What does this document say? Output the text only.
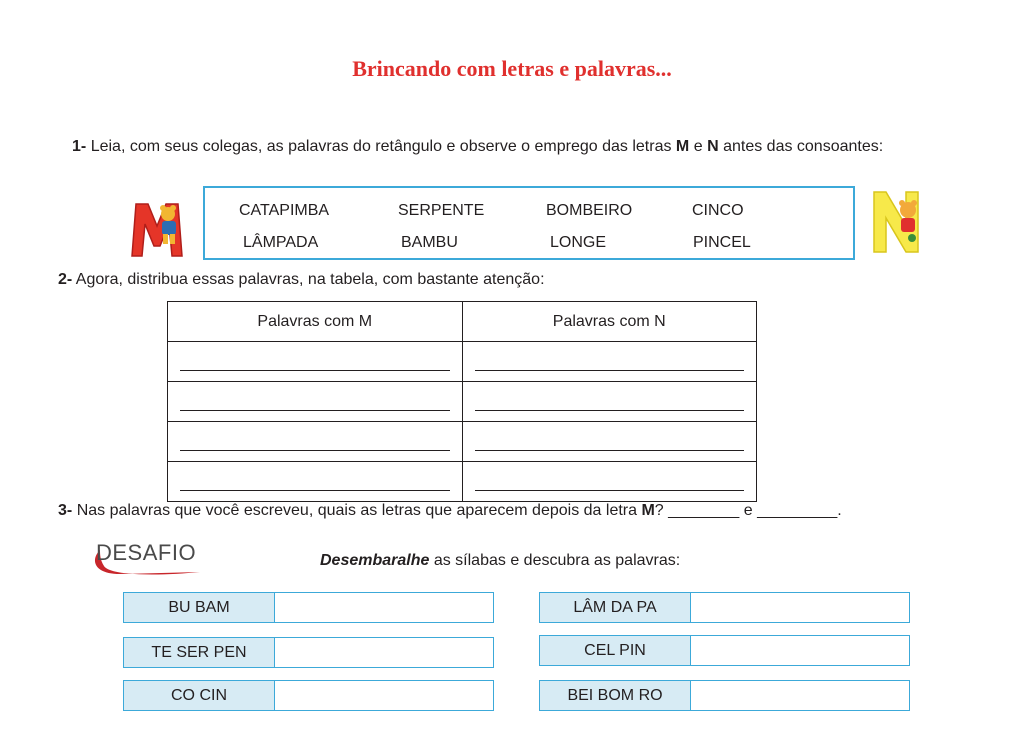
Brincando com letras e palavras...
1- Leia, com seus colegas, as palavras do retângulo e observe o emprego das letras M e N antes das consoantes:
CATAPIMBA	SERPENTE	BOMBEIRO	CINCO
LÂMPADA	BAMBU	LONGE	PINCEL
2- Agora, distribua essas palavras, na tabela, com bastante atenção:
Palavras com M	Palavras com N

3- Nas palavras que você escreveu, quais as letras que aparecem depois da letra M? ________ e _________.
DESAFIO	Desembaralhe as sílabas e descubra as palavras:
BU BAM
TE SER PEN
CO CIN
LÂM DA PA
CEL PIN
BEI BOM RO
